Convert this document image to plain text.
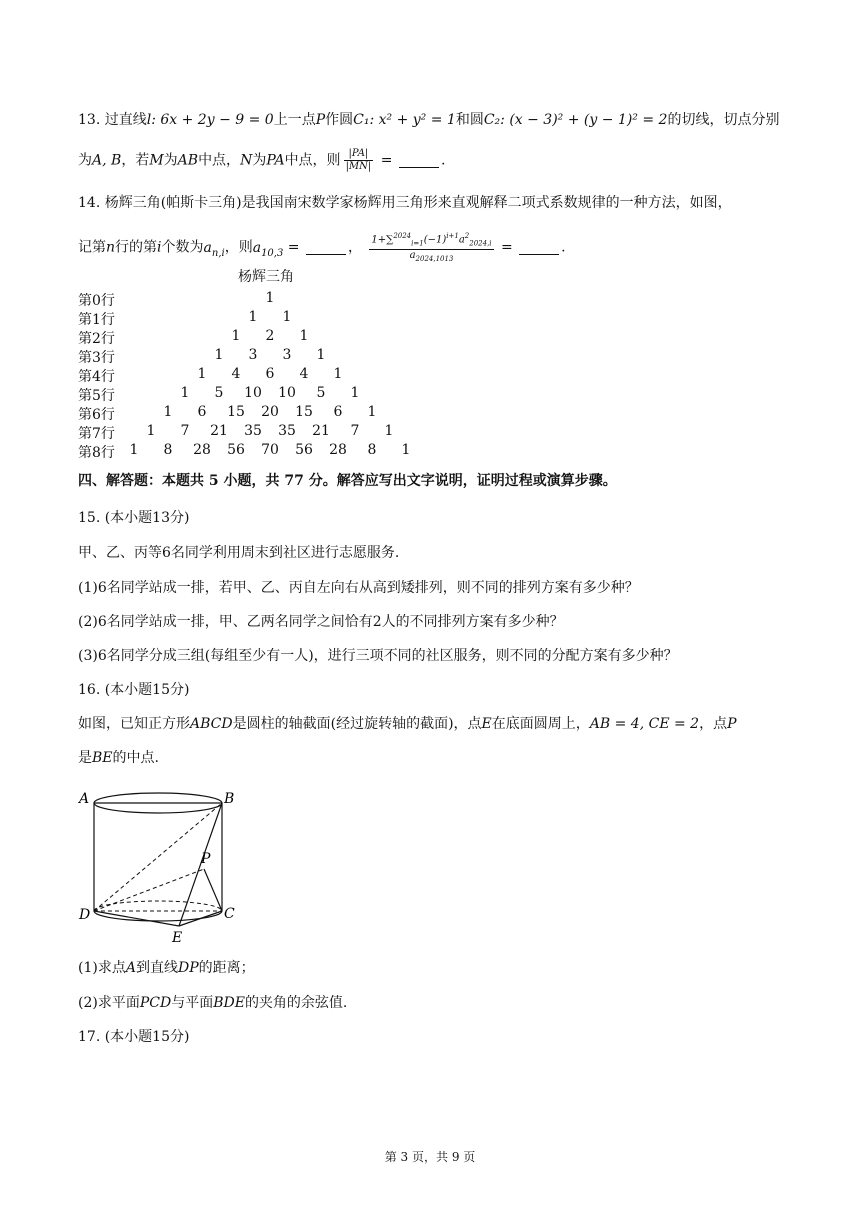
13. 过直线l: 6x + 2y − 9 = 0上一点P作圆C₁: x² + y² = 1和圆C₂: (x − 3)² + (y − 1)² = 2的切线，切点分别
为A, B，若M为AB中点，N为PA中点，则 $\frac{|PA|}{|MN|}$ =	.
14. 杨辉三角(帕斯卡三角)是我国南宋数学家杨辉用三角形来直观解释二项式系数规律的一种方法，如图，
记第n行的第i个数为$a_{n,i}$，则$a_{10,3}$ =	， $\frac{1+\sum^{2024}_{i=1}(-1)^{i+1}a^2_{2024,i}}{a_{2024,1013}}$ =	.
杨辉三角
第0行	1
第1行	1 1
第2行	1 2 1
第3行	1 3 3 1
第4行	1 4 6 4 1
第5行	1 5 10 10 5 1
第6行	1 6 15 20 15 6 1
第7行 1 7 21 35 35 21 7 1
第8行 1 8 28 56 70 56 28 8 1
四、解答题：本题共 5 小题，共 77 分。解答应写出文字说明，证明过程或演算步骤。
15. (本小题13分)
甲、乙、丙等6名同学利用周末到社区进行志愿服务.
(1)6名同学站成一排，若甲、乙、丙自左向右从高到矮排列，则不同的排列方案有多少种？
(2)6名同学站成一排，甲、乙两名同学之间恰有2人的不同排列方案有多少种？
(3)6名同学分成三组(每组至少有一人)，进行三项不同的社区服务，则不同的分配方案有多少种？
16. (本小题15分)
如图，已知正方形ABCD是圆柱的轴截面(经过旋转轴的截面)，点E在底面圆周上，AB = 4, CE = 2，点P
是BE的中点.
A	B
P
D	C
E
(1)求点A到直线DP的距离；
(2)求平面PCD与平面BDE的夹角的余弦值.
17. (本小题15分)
第 3 页，共 9 页
